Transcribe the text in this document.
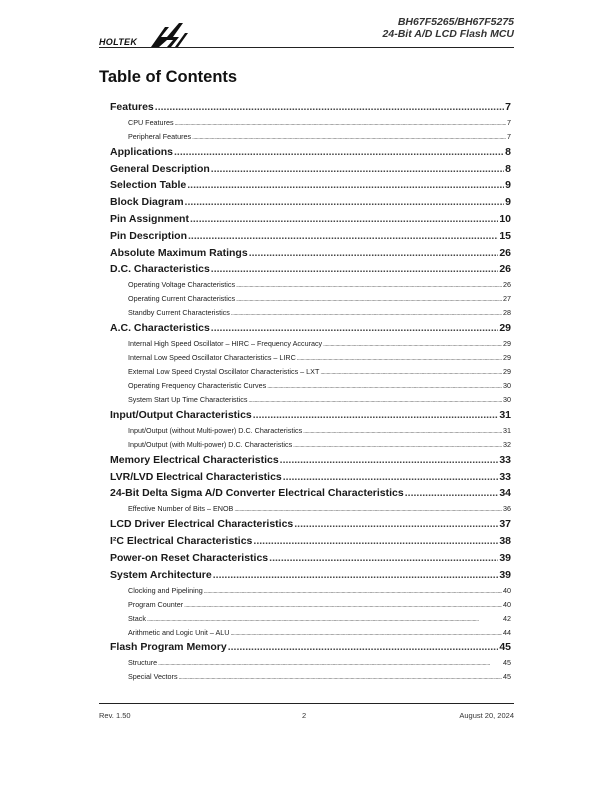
HOLTEK
BH67F5265/BH67F5275
24-Bit A/D LCD Flash MCU
Table of Contents
Features .....	7
CPU Features .....	7
Peripheral Features .....	7
Applications .....	8
General Description .....	8
Selection Table .....	9
Block Diagram .....	9
Pin Assignment .....	10
Pin Description .....	15
Absolute Maximum Ratings .....	26
D.C. Characteristics .....	26
Operating Voltage Characteristics .....	26
Operating Current Characteristics .....	27
Standby Current Characteristics .....	28
A.C. Characteristics .....	29
Internal High Speed Oscillator – HIRC – Frequency Accuracy .....	29
Internal Low Speed Oscillator Characteristics – LIRC .....	29
External Low Speed Crystal Oscillator Characteristics – LXT .....	29
Operating Frequency Characteristic Curves .....	30
System Start Up Time Characteristics .....	30
Input/Output Characteristics .....	31
Input/Output (without Multi-power) D.C. Characteristics .....	31
Input/Output (with Multi-power) D.C. Characteristics .....	32
Memory Electrical Characteristics .....	33
LVR/LVD Electrical Characteristics .....	33
24-Bit Delta Sigma A/D Converter Electrical Characteristics .....	34
Effective Number of Bits – ENOB .....	36
LCD Driver Electrical Characteristics .....	37
I²C Electrical Characteristics .....	38
Power-on Reset Characteristics .....	39
System Architecture .....	39
Clocking and Pipelining .....	40
Program Counter .....	40
Stack .....	42
Arithmetic and Logic Unit – ALU .....	44
Flash Program Memory .....	45
Structure .....	45
Special Vectors .....	45
Rev. 1.50	2	August 20, 2024
